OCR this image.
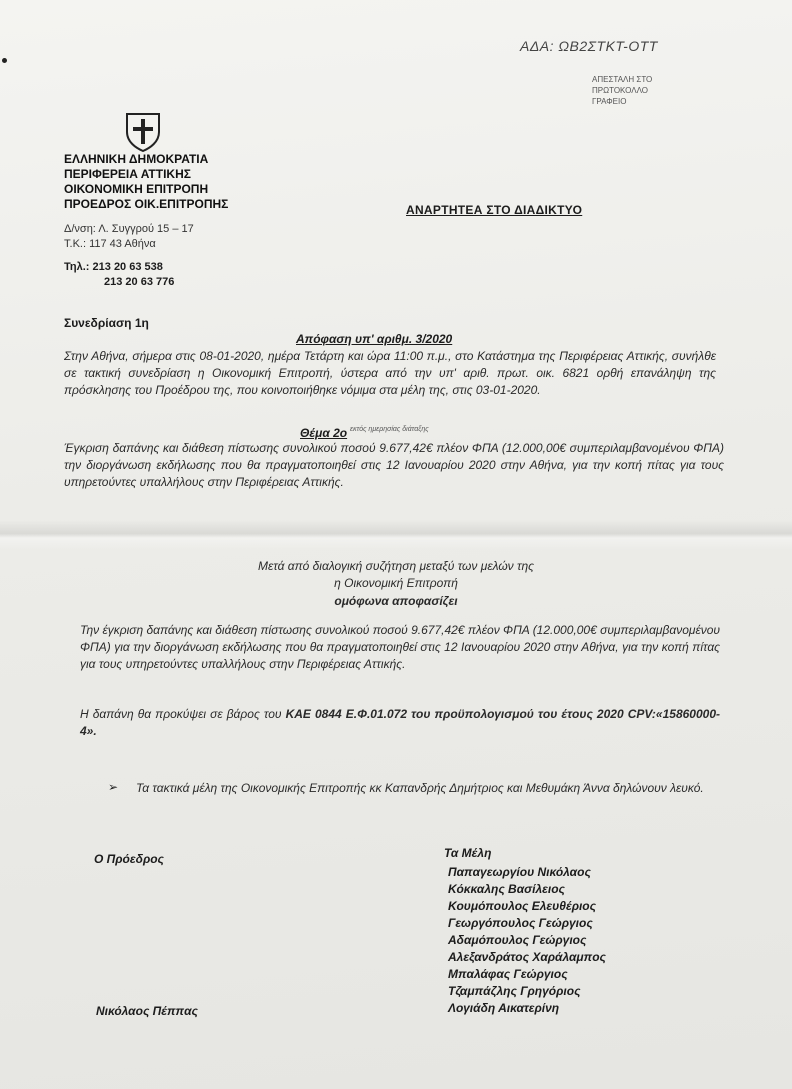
ΑΔΑ: ΩΒ2ΣΤΚΤ-ΟΤΤ
ΑΠΕΣΤΑΛΗ ΣΤΟ
ΠΡΩΤΟΚΟΛΛΟ
ΓΡΑΦΕΙΟ
ΕΛΛΗΝΙΚΗ ΔΗΜΟΚΡΑΤΙΑ
ΠΕΡΙΦΕΡΕΙΑ ΑΤΤΙΚΗΣ
ΟΙΚΟΝΟΜΙΚΗ ΕΠΙΤΡΟΠΗ
ΠΡΟΕΔΡΟΣ ΟΙΚ.ΕΠΙΤΡΟΠΗΣ
Δ/νση: Λ. Συγγρού 15 – 17
Τ.Κ.: 117 43 Αθήνα
Τηλ.: 213 20 63 538
213 20 63 776
ΑΝΑΡΤΗΤΕΑ ΣΤΟ ΔΙΑΔΙΚΤΥΟ
Συνεδρίαση 1η
Απόφαση υπ' αριθμ. 3/2020
Στην Αθήνα, σήμερα στις 08-01-2020, ημέρα Τετάρτη και ώρα 11:00 π.μ., στο Κατάστημα της Περιφέρειας Αττικής, συνήλθε σε τακτική συνεδρίαση η Οικονομική Επιτροπή, ύστερα από την υπ' αριθ. πρωτ. οικ. 6821 ορθή επανάληψη της πρόσκλησης του Προέδρου της, που κοινοποιήθηκε νόμιμα στα μέλη της, στις 03-01-2020.
Θέμα 2ο εκτός ημερησίας διάταξης
Έγκριση δαπάνης και διάθεση πίστωσης συνολικού ποσού 9.677,42€ πλέον ΦΠΑ (12.000,00€ συμπεριλαμβανομένου ΦΠΑ) την διοργάνωση εκδήλωσης που θα πραγματοποιηθεί στις 12 Ιανουαρίου 2020 στην Αθήνα, για την κοπή πίτας για τους υπηρετούντες υπαλλήλους στην Περιφέρειας Αττικής.
Μετά από διαλογική συζήτηση μεταξύ των μελών της
η Οικονομική Επιτροπή
ομόφωνα αποφασίζει
Την έγκριση δαπάνης και διάθεση πίστωσης συνολικού ποσού 9.677,42€ πλέον ΦΠΑ (12.000,00€ συμπεριλαμβανομένου ΦΠΑ) για την διοργάνωση εκδήλωσης που θα πραγματοποιηθεί στις 12 Ιανουαρίου 2020 στην Αθήνα, για την κοπή πίτας για τους υπηρετούντες υπαλλήλους στην Περιφέρειας Αττικής.
Η δαπάνη θα προκύψει σε βάρος του ΚΑΕ 0844 Ε.Φ.01.072 του προϋπολογισμού του έτους 2020 CPV:«15860000-4».
➢ Τα τακτικά μέλη της Οικονομικής Επιτροπής κκ Καπανδρής Δημήτριος και Μεθυμάκη Άννα δηλώνουν λευκό.
Ο Πρόεδρος	Τα Μέλη
Παπαγεωργίου Νικόλαος
Κόκκαλης Βασίλειος
Κουμόπουλος Ελευθέριος
Γεωργόπουλος Γεώργιος
Αδαμόπουλος Γεώργιος
Αλεξανδράτος Χαράλαμπος
Μπαλάφας Γεώργιος
Τζαμπάζλης Γρηγόριος
Λογιάδη Αικατερίνη
Νικόλαος Πέππας
